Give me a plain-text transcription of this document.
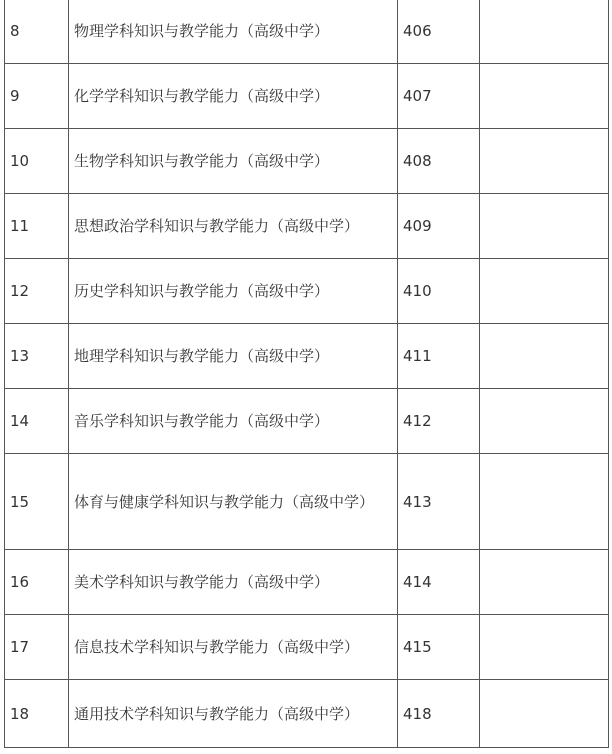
8	物理学科知识与教学能力（高级中学）	406	
9	化学学科知识与教学能力（高级中学）	407	
10	生物学科知识与教学能力（高级中学）	408	
11	思想政治学科知识与教学能力（高级中学）	409	
12	历史学科知识与教学能力（高级中学）	410	
13	地理学科知识与教学能力（高级中学）	411	
14	音乐学科知识与教学能力（高级中学）	412	
15	体育与健康学科知识与教学能力（高级中学）	413	
16	美术学科知识与教学能力（高级中学）	414	
17	信息技术学科知识与教学能力（高级中学）	415	
18	通用技术学科知识与教学能力（高级中学）	418	
